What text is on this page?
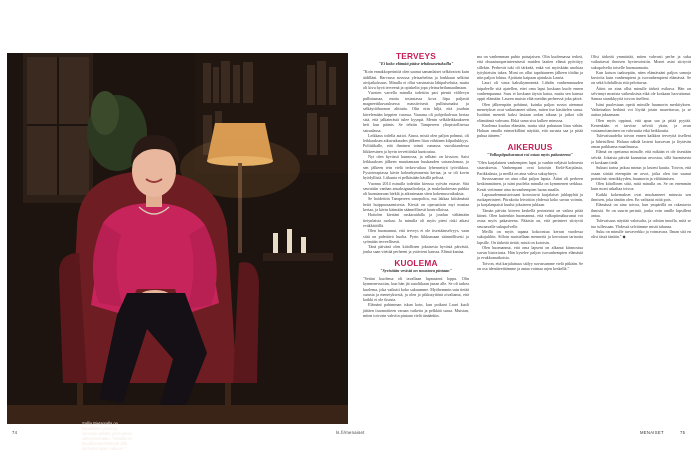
Sallia Pietarsalla on karjalainen juuret ja varmasti pelattu juhla-aikaa sukunimestään. "Minulla on tavallisempi lähtevät sillä varhaisempien sukuun."
TERVEYS
"Ei koko elämää pääse tehdasasetuksilla"

"Koin ennakkoperintöä olen saanut samanlaiset selkävaivat kuin äidilläni. Harvassa suvussa yleisarhelina ja lonkkaan selkiini aivijaikoksuus. Minulla ei ollut varsinaista lähipalveluita, mutta oli kivu hyvä terveenä ja opiskelin jopa yleisurheilumaailmaan.

Vuosien varrella minulla todettiin pari pientä välilevyn pullistumaa, mutta tosiasiassa kova liipa paljastti magneettikuvauksessa massiivisesti pullistumaksi ja selkäytiöhuonon alttiutta. Olin niin hiljä, että jouduin kävelemään keppien varassa. Vaarana oli pohjeihalvaus kertaa sisä, että jalkaterästä tulee kyynpä. Menin selkäleikkaukseen heti kun päänis. Se tehtiin Tampereen yliopistollisessa sairaalassa.

Leikkaus todella auttoi. Ainoa, mistä olen paljon pohmut, oli leikkauksen aikuvatkauden jälkeen liian vähäinen kilpailukkyys. Poliitiikalle, että ihminen toimii rumassa vuosikiaudessa liikkeesinen ja hyvin tervettiöskä kuntoutuu.

Nyt olen hyvässä kunnossa, ja selkäni on kivuton. Saisi leikkauksen jälkeen muuttamaan huukauden sairauslomaa, ja sen jälkeen tein vielä terkeo-aikaa lyhennettyä työviikkoa. Fysioterapiassa kävin kolmekymmenta kertaa, ja se oli kovin hyödyllistä. Liikunta ei pelkästään käsillä pelissä.

Vuonna 2014 minulla todettiin kierusa syövän esiaste. Sitä seurattiin vanhan ansaksignaaliorkoja, ja mukeluokiesan puhkia oli kunnianraan hieklä ja aikeaimaan siten kokemusvaikuksia.

Se hoidettiin Tampereen sanopoliin, ma lakkaa kiittämästä hetiä huippuosaamisesta. Kiesiä on operaatioin myt mustaa kertaa, ja kävin käimään säännöllisesti kontrolloissa.

Hoitolen kiertäni ruskaraidalla ja joudun vältämään tietynlaista ruokaa. Ja minulla oli myös pieni riski aikasi eväkkätöillä.

Olen huomannut, että terveys ei ole itsestäänselvyys, vaan siitä on pidettävä huolta. Pyrin liikkumaan säännöllisesti ja syömään terveellisesti.

Tänä päivänä olen kiitollinen jokaisesta hyvästä päivästä, jonka saan viettää perheeni ja ystävieni kanssa. Elämä kantaa.

KUOLEMA
"Syvistään vesistä on noustava pintaan"

"Setäni kuolema oli tavallaan lapsuuteni loppu. Olin kymmenvuotias, kun hän jäi autoliikaan junan alle. Se oli tarkea kuolema, joka vaikutti koko sukuumme. Myöhemmin sain tietää surusta ja menetyksestä, ja olen jo pikkutyttönä oivaltanut, että kaikki ei ole ikuista.

Elämäni pahimman iskun koin, kun poikani Lauri kuoli jättäen tiuomoitteen varaan vaikeita ja pelkkää surua. Muistan, miten toivorin vahviin pintaan vielä tänäänkin.

ma on vanhemman puhto paisajaisen. Olin kuolemassa terkeä, että ohuustumperinteenisesti muiden laatien elämä pyörittyy sillekin. Perhevät tuki oli tärkeää, enkä voi myöskään unohtaa työyhteisön tukea. Moni on ollut tapahtuneen jälkeen töidän ja niin paljon lohtua. Ajoittain kaipaan ajatuksia Lauria.

Lauri oli vasta kaksikymmentä. Lähdin vanhemmuuden taipaleelle sitä ajatellen, ettei oma lapsi koskaan kuole ennen vanhempaansa. Suru ei koskaan täysin katoa, mutta sen kanssa oppii elämään. Lauren muisto elää meidän perheessä joka päivä.

Olen jälkeenpäin pohtinut, kuinka paljon suvun aiemmat menetykset ovat vaikuttaneet siihen, miten itse käsittelen surua. Isoäitini menetti kaksi lastaan sodan aikana ja jatkoi silti elämäänsä vahvana. Ehkä sama sisu kulkee minussa.

Kuolema kuuluu elämään, mutta siitä puhutaan liian vähän. Haluan omalla esimerkilläni näyttää, että surusta saa ja pitää puhua ääneen."

AIKERUUS
"Valkopiipukurunut voi ostaa myös pakasteena"

"Olen karjalainen vanhempien lapsi ja vanhin neljästä kolmesta sisaruksesta. Vanhempani ovat kotoisin Etelä-Karjalasta, Parikkalasta, ja meillä on aina vahva sukuyhteys.

Suvussamme on aina ollut paljon lapsia. Äitini oli perheen keskimmäinen, ja isäni puolelta minulla on kymmenen serkkua. Kesät vietimme aina isovanhempien luona maalla.

Lapsuudenmuistoissani korostuvat karjalaiset juhlapyhät ja ruokaperinteet. Piirakoita leivottiin yhdessä koko suvun voimin, ja karjalanpaisti kuului jokaiseen juhlaan.

Tämän päivän kiireen keskellä perinteistä on vaikea pitää kiinni. Olen kuitenkin huomannut, että valkopiimäkurunut voi ostaa myös pakasteena. Pääasia on, että perinteet siirtyvät seuraavalle sukupolvelle.

Meillä on myös tapana kokoontua kerran vuodessa sukujuhliin. Silloin muistellaan menneitä ja kerrotaan tarinoita lapsille. On tärkeää tietää, mistä on kotoisin.

Olen huomannut, että oma lapseni on alkanut kiinnostua suvun historiasta. Hän kyselee paljon isovanhempien elämästä ja evakkomatkoista.

Toivon, että karjalaisuus säilyy suvussamme vielä pitkään. Se on osa identiteettiämme ja antaa voimaa arjen keskellä."

Olisi tärkeää ymmärtää, miten vahvasti perhe ja suku vaikuttavat ihmisen hyvinvointiin. Monet asiat siirtyvät sukupolvelta toiselle huomaamatta.

Kun katson taaksepäin, näen elämässäni paljon samoja kuvioita kuin vanhempieni ja isovanhempieni elämässä. Se on sekä lohdullista että pelottavaa.

Äitini on aina ollut minulle tärkeä esikuva. Hän on selvinnyt monista vaikeuksista eikä ole koskaan luovuttanut. Samaa sinnikkyyttä toivon itselleni.

Isäni puolestaan opetti minulle huumorin merkityksen. Vaikeinakin hetkinä voi löytää jotain naurettavaa, ja se auttaa jaksamaan.

Olen myös oppinut, että apua saa ja pitää pyytää. Kenenkään ei tarvitse selvitä yksin, ja avun vastaanottaminen on vahvuutta eikä heikkoutta.

Tulevaisuudelta toivon ennen kaikkea terveyttä itselleni ja läheisilleni. Haluan nähdä lasteni kasvavan ja löytävän oman paikkansa maailmassa.

Elämä on opettanut minulle, että mikään ei ole itsestään selvää. Jokaista päivää kannattaa arvostaa, sillä huomisesta ei koskaan tiedä.

Sukuni tarina jatkuu minun ja lasteni kautta. Toivon, että osaan siirtää eteenpäin ne arvot, jotka olen itse saanut perintönä: sinnikkyyden, huumorin ja välittämisen.

Olen kiitollinen siitä, mitä minulla on. Se on enemmän kuin moni uskaltaa toivoa.

Kaikki kokemukset ovat muokanneet minusta sen ihmisen, joka tänään olen. En vaihtaisi niitä pois.

Elämässä on aina toivoa, kun ympärillä on rakastavia ihmisiä. Se on suurin perintö, jonka voin omille lapsilleni antaa.

Tulevaisuus näyttää valoisalta, ja odotan innolla, mitä se tuo tullessaan. Yhdessä selviämme mistä tahansa.

Suku on minulle turvaverkko ja voimavara. Ilman sitä en olisi tässä tänään." ◆

74	ls.fi/menaiset	MENAISET	75
